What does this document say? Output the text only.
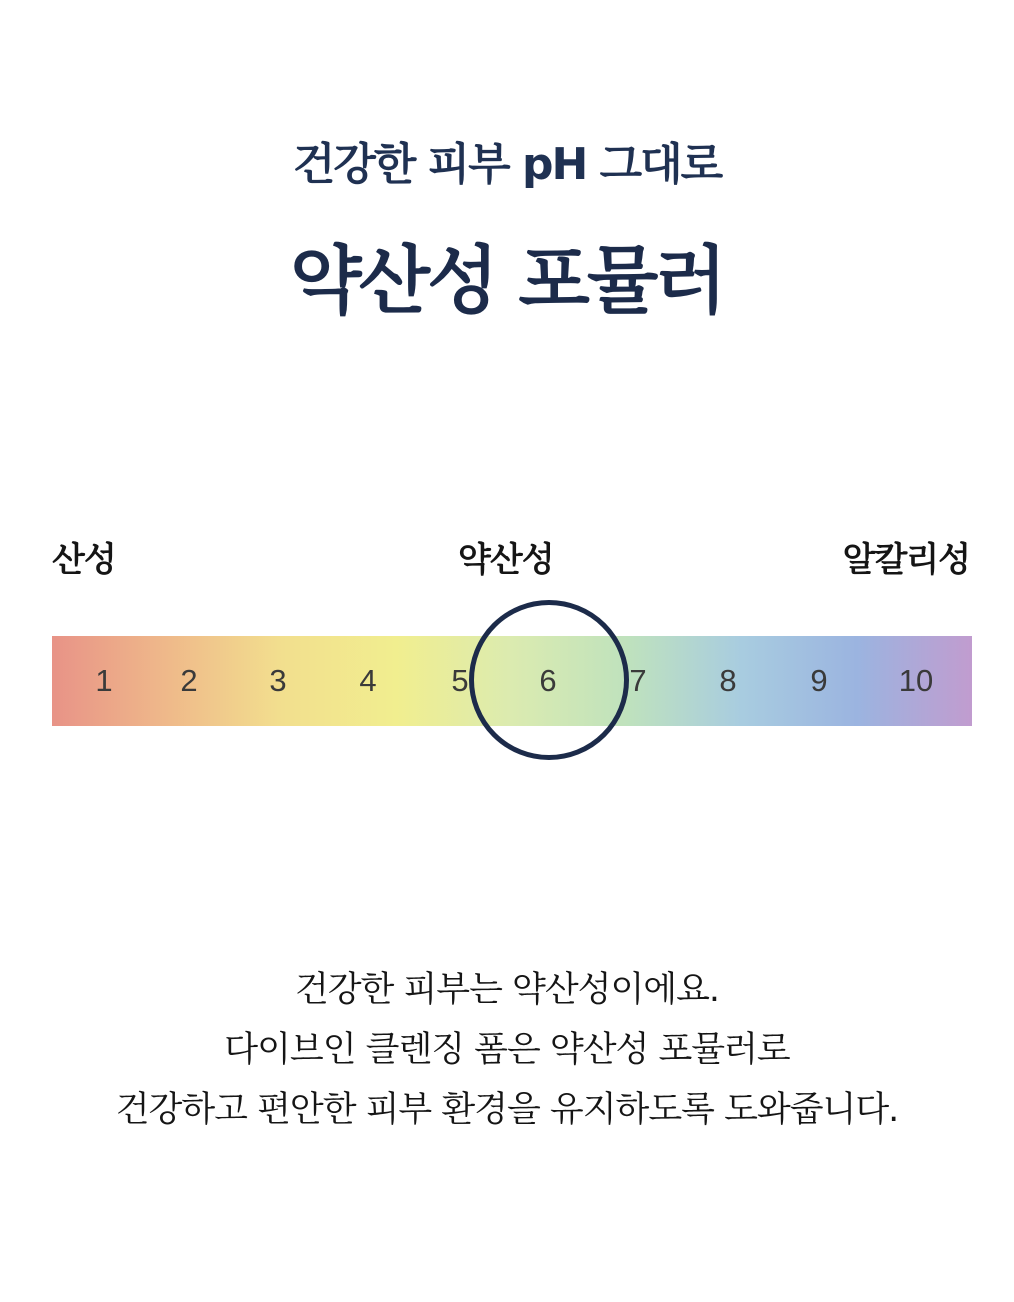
건강한 피부 pH 그대로
약산성 포뮬러

산성	약산성	알칼리성

1	2	3	4	5	6	7	8	9	10

건강한 피부는 약산성이에요.

다이브인 클렌징 폼은 약산성 포뮬러로

건강하고 편안한 피부 환경을 유지하도록 도와줍니다.
